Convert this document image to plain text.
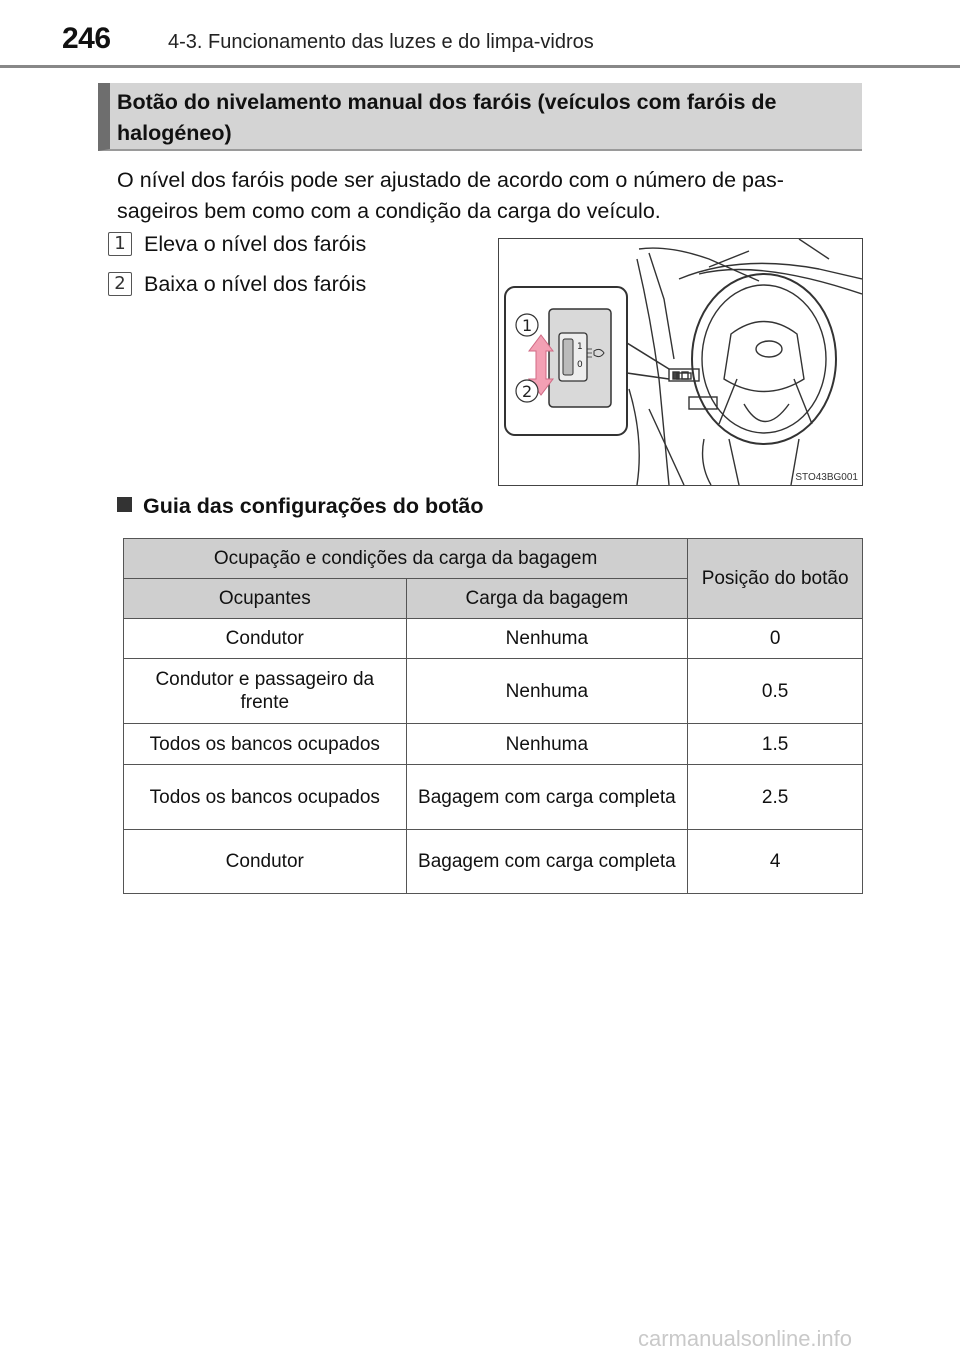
246	4-3. Funcionamento das luzes e do limpa-vidros
Botão do nivelamento manual dos faróis (veículos com faróis de halogéneo)
O nível dos faróis pode ser ajustado de acordo com o número de pas- sageiros bem como com a condição da carga do veículo.
1 Eleva o nível dos faróis
2 Baixa o nível dos faróis
1
0
1
2
STO43BG001
Guia das configurações do botão
Ocupação e condições da carga da bagagem		Posição do botão
Ocupantes	Carga da bagagem	
Condutor	Nenhuma	0
Condutor e passageiro da frente	Nenhuma	0.5
Todos os bancos ocupados	Nenhuma	1.5
Todos os bancos ocupados	Bagagem com carga completa	2.5
Condutor	Bagagem com carga completa	4
carmanualsonline.info
